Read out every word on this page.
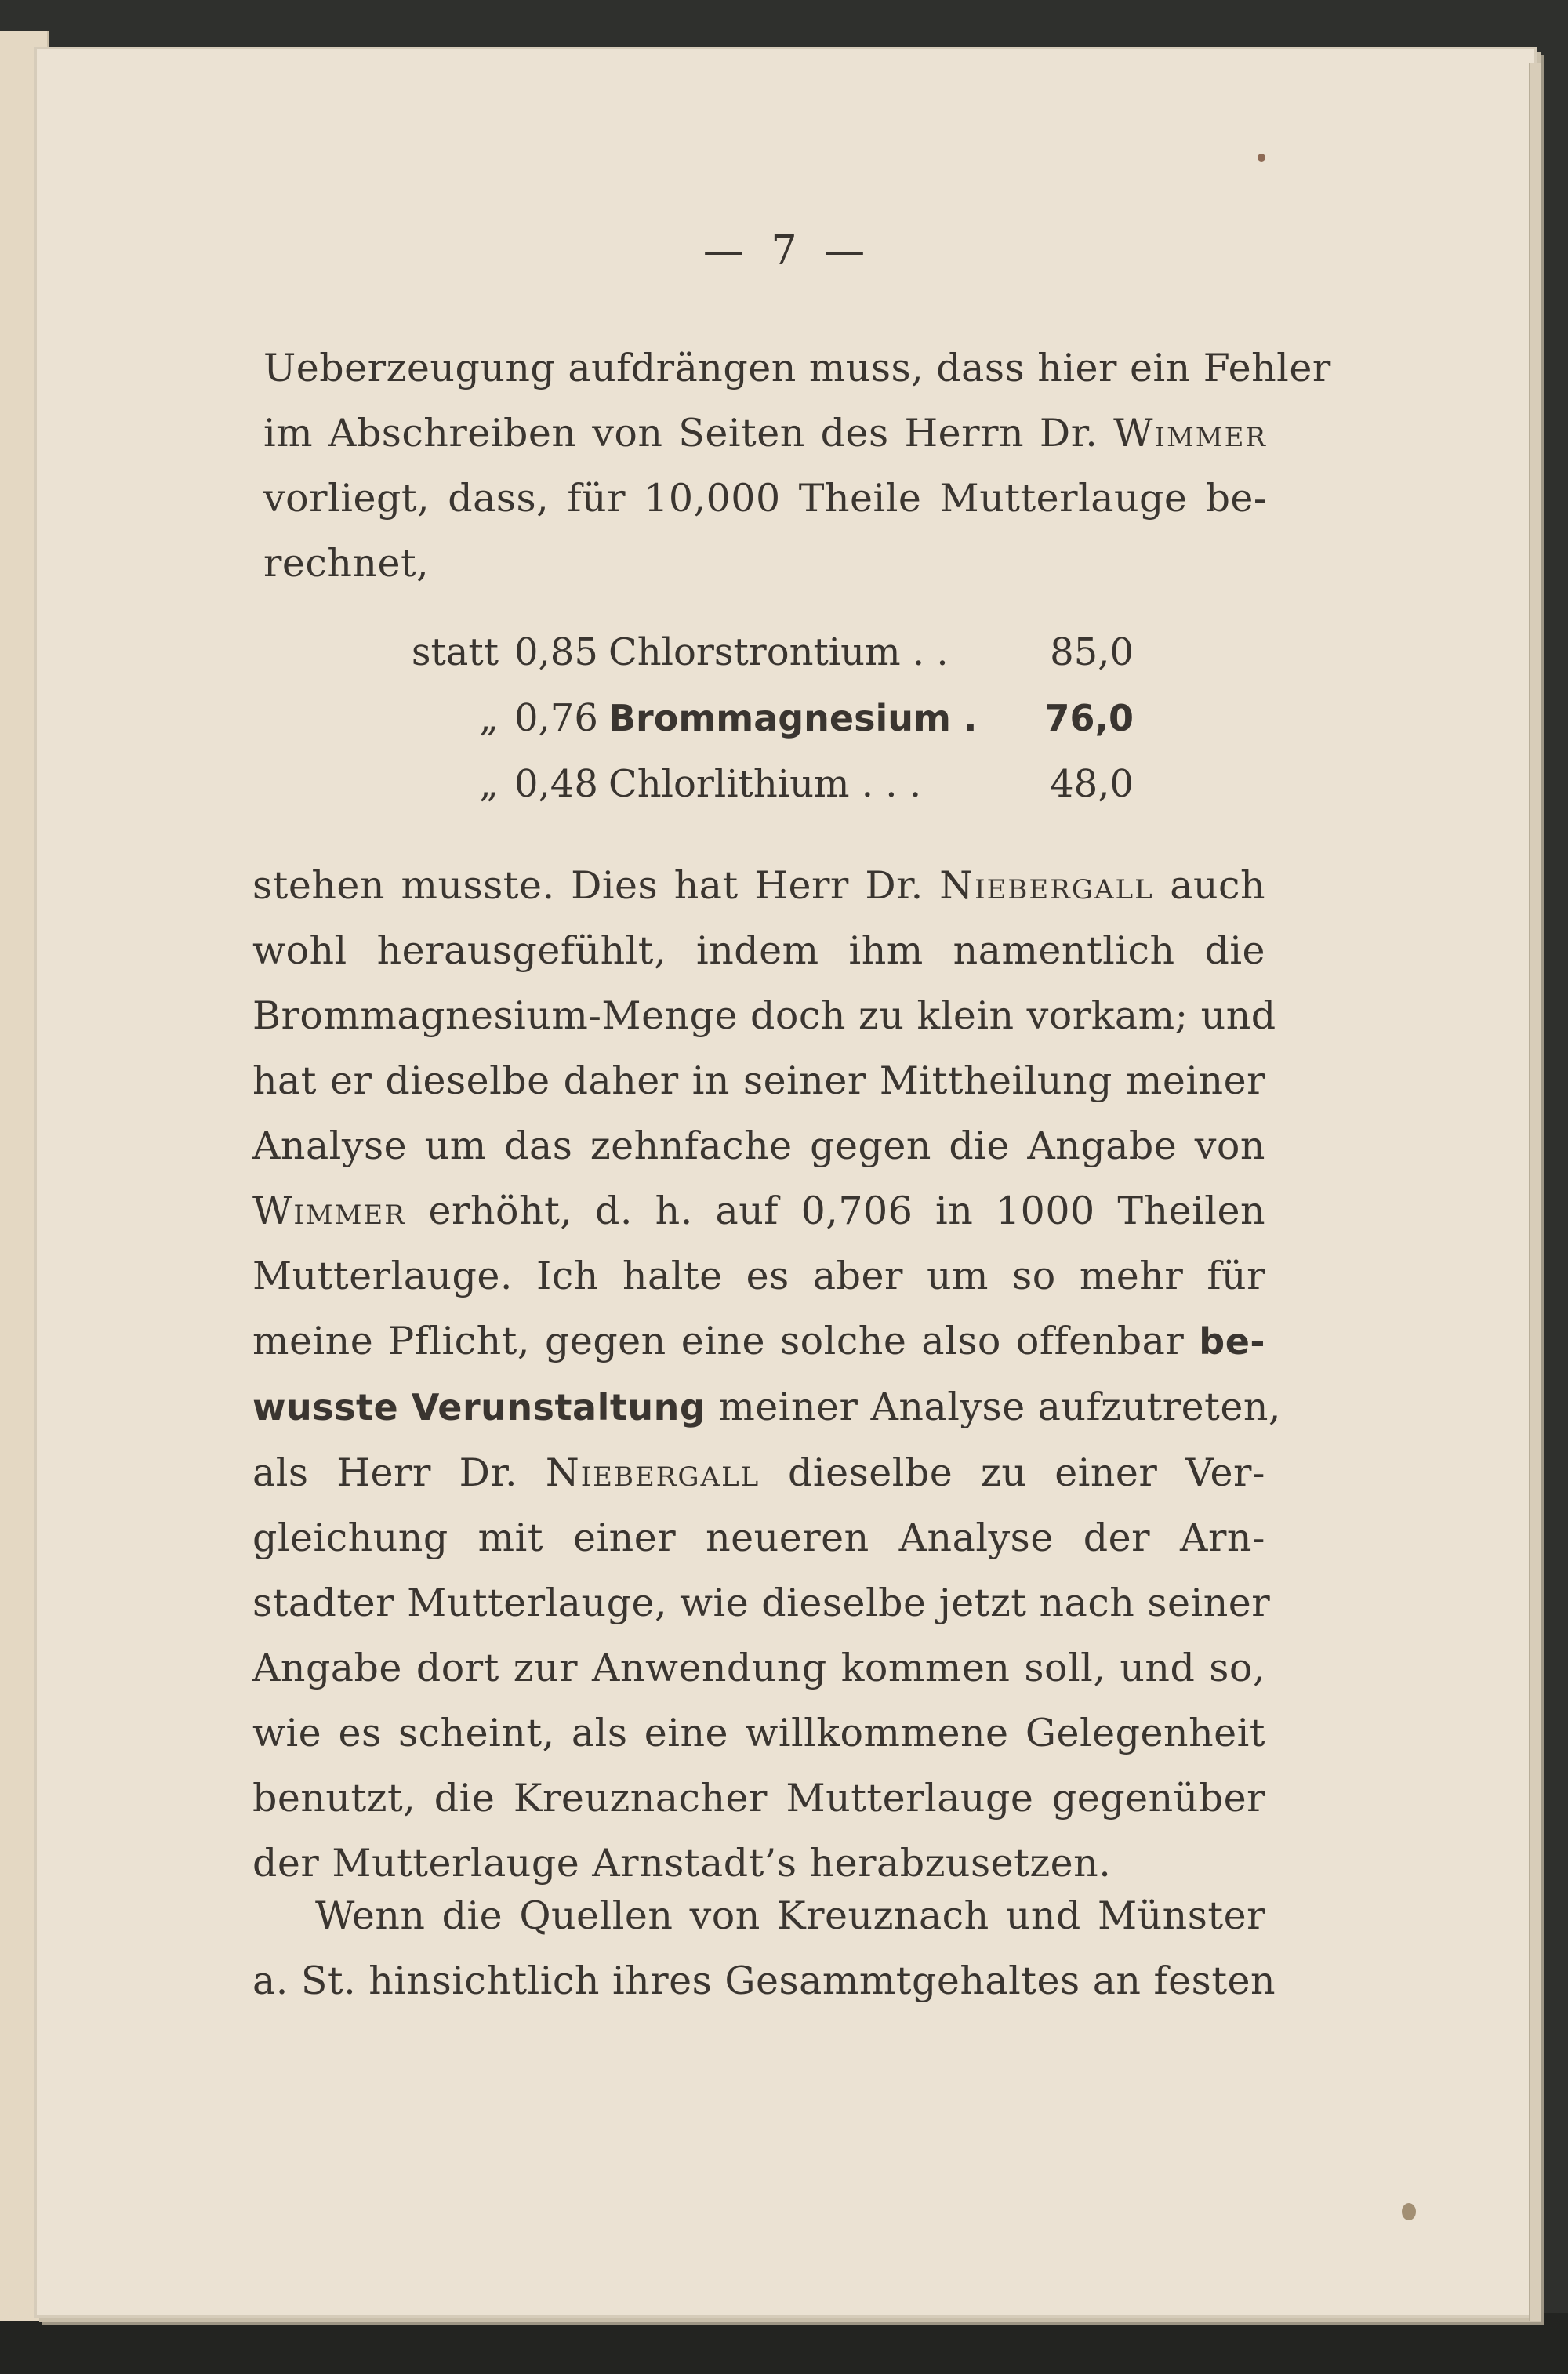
— 7 —
Ueberzeugung aufdrängen muss, dass hier ein Fehler
im Abschreiben von Seiten des Herrn Dr. Wimmer
vorliegt, dass, für 10,000 Theile Mutterlauge be-
rechnet,
statt 0,85 Chlorstrontium . .	85,0
„ 0,76 Brommagnesium .	76,0
„ 0,48 Chlorlithium . . .	48,0
stehen musste. Dies hat Herr Dr. Niebergall auch
wohl herausgefühlt, indem ihm namentlich die
Brommagnesium-Menge doch zu klein vorkam; und
hat er dieselbe daher in seiner Mittheilung meiner
Analyse um das zehnfache gegen die Angabe von
Wimmer erhöht, d. h. auf 0,706 in 1000 Theilen
Mutterlauge. Ich halte es aber um so mehr für
meine Pflicht, gegen eine solche also offenbar be-
wusste Verunstaltung meiner Analyse aufzutreten,
als Herr Dr. Niebergall dieselbe zu einer Ver-
gleichung mit einer neueren Analyse der Arn-
stadter Mutterlauge, wie dieselbe jetzt nach seiner
Angabe dort zur Anwendung kommen soll, und so,
wie es scheint, als eine willkommene Gelegenheit
benutzt, die Kreuznacher Mutterlauge gegenüber
der Mutterlauge Arnstadt’s herabzusetzen.
Wenn die Quellen von Kreuznach und Münster
a. St. hinsichtlich ihres Gesammtgehaltes an festen
